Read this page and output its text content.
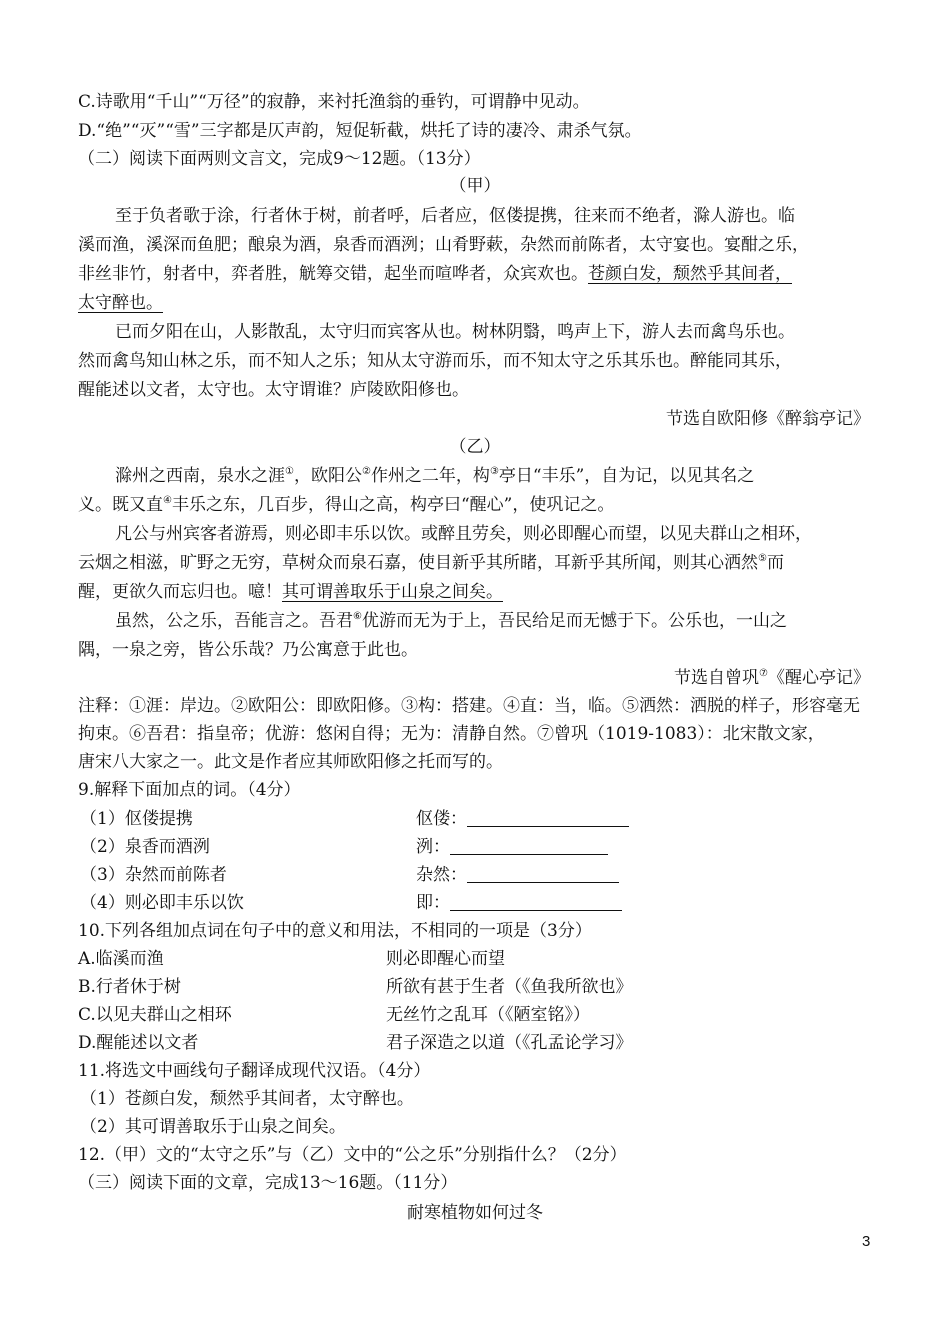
C.诗歌用“千山”“万径”的寂静，来衬托渔翁的垂钓，可谓静中见动。
D.“绝”“灭”“雪”三字都是仄声韵，短促斩截，烘托了诗的凄冷、肃杀气氛。
（二）阅读下面两则文言文，完成9～12题。（13分）
（甲）
至于负者歌于涂，行者休于树，前者呼，后者应，伛偻提携，往来而不绝者，滁人游也。临
溪而渔，溪深而鱼肥；酿泉为酒，泉香而酒洌；山肴野蔌，杂然而前陈者，太守宴也。宴酣之乐，
非丝非竹，射者中，弈者胜，觥筹交错，起坐而喧哗者，众宾欢也。苍颜白发，颓然乎其间者，
太守醉也。
已而夕阳在山，人影散乱，太守归而宾客从也。树林阴翳，鸣声上下，游人去而禽鸟乐也。
然而禽鸟知山林之乐，而不知人之乐；知从太守游而乐，而不知太守之乐其乐也。醉能同其乐，
醒能述以文者，太守也。太守谓谁？庐陵欧阳修也。
节选自欧阳修《醉翁亭记》
（乙）
滁州之西南，泉水之涯①，欧阳公②作州之二年，构③亭日“丰乐”，自为记，以见其名之
义。既又直④丰乐之东，几百步，得山之高，构亭曰“醒心”，使巩记之。
凡公与州宾客者游焉，则必即丰乐以饮。或醉且劳矣，则必即醒心而望，以见夫群山之相环，
云烟之相滋，旷野之无穷，草树众而泉石嘉，使目新乎其所睹，耳新乎其所闻，则其心洒然⑤而
醒，更欲久而忘归也。噫！其可谓善取乐于山泉之间矣。
虽然，公之乐，吾能言之。吾君⑥优游而无为于上，吾民给足而无憾于下。公乐也，一山之
隅，一泉之旁，皆公乐哉？乃公寓意于此也。
节选自曾巩⑦《醒心亭记》
注释：①涯：岸边。②欧阳公：即欧阳修。③构：搭建。④直：当，临。⑤洒然：洒脱的样子，形容毫无
拘束。⑥吾君：指皇帝；优游：悠闲自得；无为：清静自然。⑦曾巩（1019-1083）：北宋散文家，
唐宋八大家之一。此文是作者应其师欧阳修之托而写的。
9.解释下面加点的词。（4分）
（1）伛偻提携	伛偻：
（2）泉香而酒洌	洌：
（3）杂然而前陈者	杂然：
（4）则必即丰乐以饮	即：
10.下列各组加点词在句子中的意义和用法，不相同的一项是（3分）
A.临溪而渔	则必即醒心而望
B.行者休于树	所欲有甚于生者（《鱼我所欲也》
C.以见夫群山之相环	无丝竹之乱耳（《陋室铭》）
D.醒能述以文者	君子深造之以道（《孔孟论学习》
11.将选文中画线句子翻译成现代汉语。（4分）
（1）苍颜白发，颓然乎其间者，太守醉也。
（2）其可谓善取乐于山泉之间矣。
12.（甲）文的“太守之乐”与（乙）文中的“公之乐”分别指什么？（2分）
（三）阅读下面的文章，完成13～16题。（11分）
耐寒植物如何过冬
3
